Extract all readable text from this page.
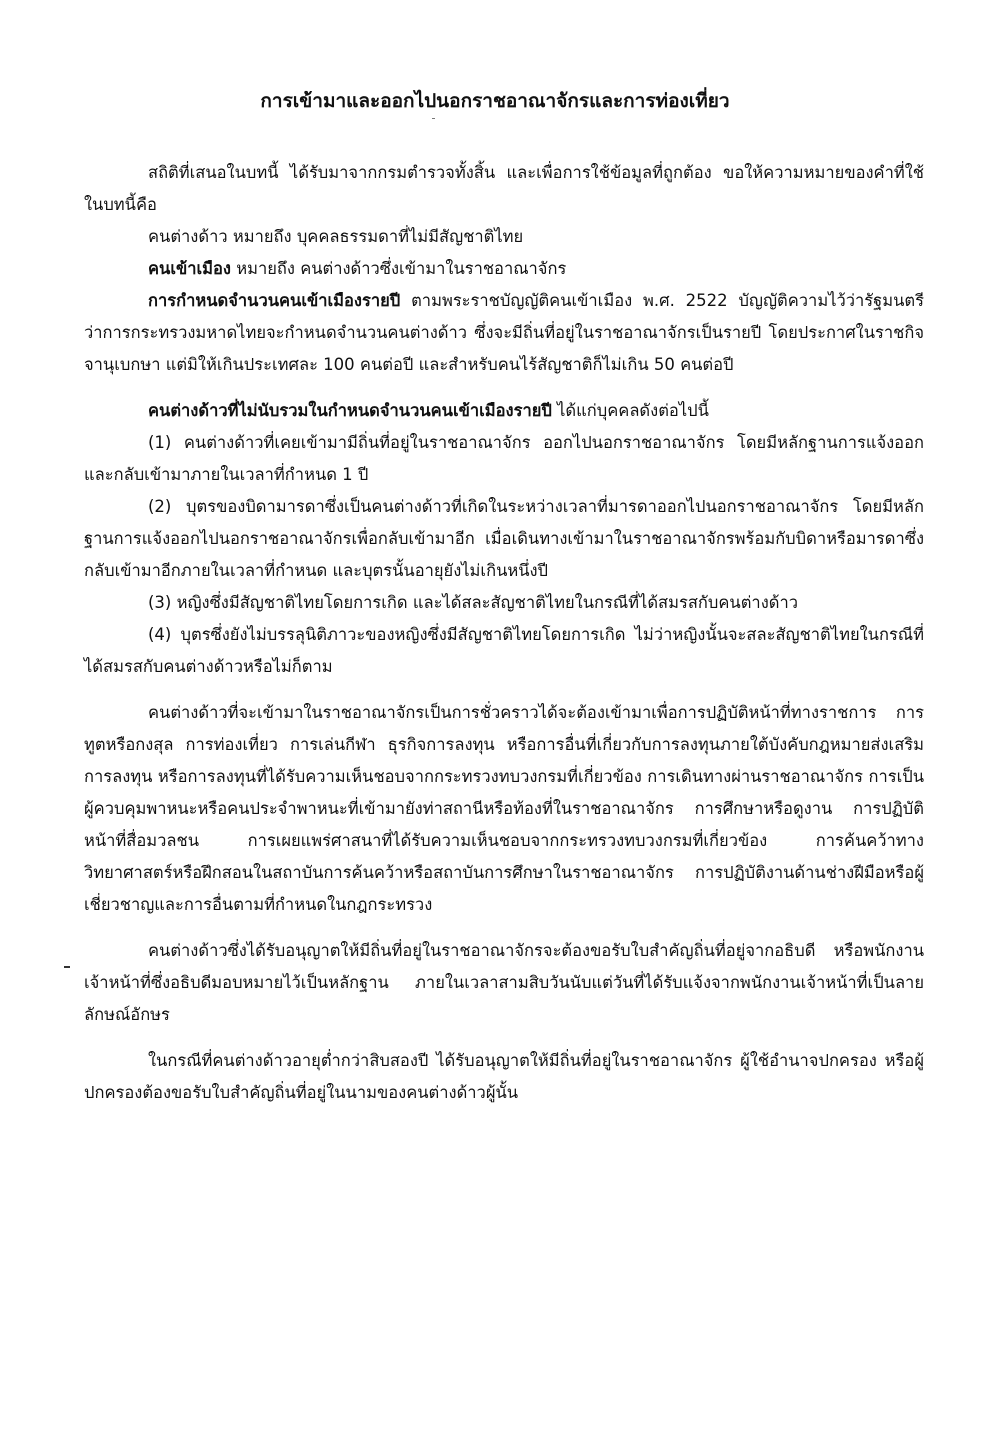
การเข้ามาและออกไปนอกราชอาณาจักรและการท่องเที่ยว

สถิติที่เสนอในบทนี้ ได้รับมาจากกรมตำรวจทั้งสิ้น และเพื่อการใช้ข้อมูลที่ถูกต้อง ขอให้ความหมายของคำที่ใช้ในบทนี้คือ

คนต่างด้าว หมายถึง บุคคลธรรมดาที่ไม่มีสัญชาติไทย

คนเข้าเมือง หมายถึง คนต่างด้าวซึ่งเข้ามาในราชอาณาจักร

การกำหนดจำนวนคนเข้าเมืองรายปี ตามพระราชบัญญัติคนเข้าเมือง พ.ศ. 2522 บัญญัติความไว้ว่ารัฐมนตรีว่าการกระทรวงมหาดไทยจะกำหนดจำนวนคนต่างด้าว ซึ่งจะมีถิ่นที่อยู่ในราชอาณาจักรเป็นรายปี โดยประกาศในราชกิจจานุเบกษา แต่มิให้เกินประเทศละ 100 คนต่อปี และสำหรับคนไร้สัญชาติก็ไม่เกิน 50 คนต่อปี

คนต่างด้าวที่ไม่นับรวมในกำหนดจำนวนคนเข้าเมืองรายปี ได้แก่บุคคลดังต่อไปนี้

(1) คนต่างด้าวที่เคยเข้ามามีถิ่นที่อยู่ในราชอาณาจักร ออกไปนอกราชอาณาจักร โดยมีหลักฐานการแจ้งออกและกลับเข้ามาภายในเวลาที่กำหนด 1 ปี

(2) บุตรของบิดามารดาซึ่งเป็นคนต่างด้าวที่เกิดในระหว่างเวลาที่มารดาออกไปนอกราชอาณาจักร โดยมีหลักฐานการแจ้งออกไปนอกราชอาณาจักรเพื่อกลับเข้ามาอีก เมื่อเดินทางเข้ามาในราชอาณาจักรพร้อมกับบิดาหรือมารดาซึ่งกลับเข้ามาอีกภายในเวลาที่กำหนด และบุตรนั้นอายุยังไม่เกินหนึ่งปี

(3) หญิงซึ่งมีสัญชาติไทยโดยการเกิด และได้สละสัญชาติไทยในกรณีที่ได้สมรสกับคนต่างด้าว

(4) บุตรซึ่งยังไม่บรรลุนิติภาวะของหญิงซึ่งมีสัญชาติไทยโดยการเกิด ไม่ว่าหญิงนั้นจะสละสัญชาติไทยในกรณีที่ได้สมรสกับคนต่างด้าวหรือไม่ก็ตาม

คนต่างด้าวที่จะเข้ามาในราชอาณาจักรเป็นการชั่วคราวได้จะต้องเข้ามาเพื่อการปฏิบัติหน้าที่ทางราชการ การทูตหรือกงสุล การท่องเที่ยว การเล่นกีฬา ธุรกิจการลงทุน หรือการอื่นที่เกี่ยวกับการลงทุนภายใต้บังคับกฎหมายส่งเสริมการลงทุน หรือการลงทุนที่ได้รับความเห็นชอบจากกระทรวงทบวงกรมที่เกี่ยวข้อง การเดินทางผ่านราชอาณาจักร การเป็นผู้ควบคุมพาหนะหรือคนประจำพาหนะที่เข้ามายังท่าสถานีหรือท้องที่ในราชอาณาจักร การศึกษาหรือดูงาน การปฏิบัติหน้าที่สื่อมวลชน การเผยแพร่ศาสนาที่ได้รับความเห็นชอบจากกระทรวงทบวงกรมที่เกี่ยวข้อง การค้นคว้าทางวิทยาศาสตร์หรือฝึกสอนในสถาบันการค้นคว้าหรือสถาบันการศึกษาในราชอาณาจักร การปฏิบัติงานด้านช่างฝีมือหรือผู้เชี่ยวชาญและการอื่นตามที่กำหนดในกฎกระทรวง

คนต่างด้าวซึ่งได้รับอนุญาตให้มีถิ่นที่อยู่ในราชอาณาจักรจะต้องขอรับใบสำคัญถิ่นที่อยู่จากอธิบดี หรือพนักงานเจ้าหน้าที่ซึ่งอธิบดีมอบหมายไว้เป็นหลักฐาน ภายในเวลาสามสิบวันนับแต่วันที่ได้รับแจ้งจากพนักงานเจ้าหน้าที่เป็นลายลักษณ์อักษร

ในกรณีที่คนต่างด้าวอายุต่ำกว่าสิบสองปี ได้รับอนุญาตให้มีถิ่นที่อยู่ในราชอาณาจักร ผู้ใช้อำนาจปกครอง หรือผู้ปกครองต้องขอรับใบสำคัญถิ่นที่อยู่ในนามของคนต่างด้าวผู้นั้น
